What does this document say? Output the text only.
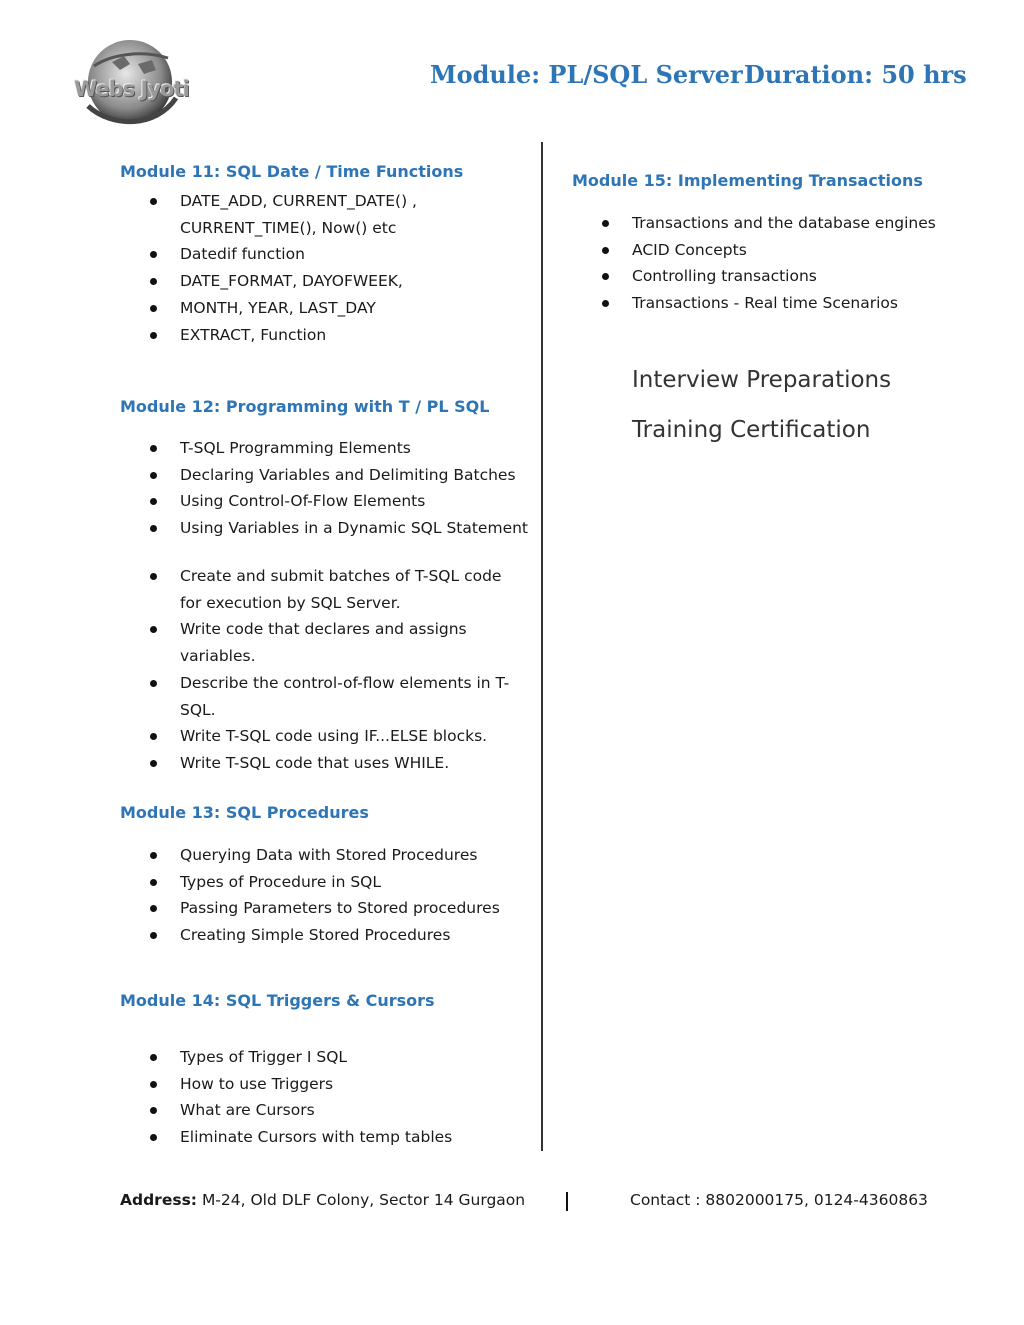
Webs Jyoti	Module: PL/SQL Server Duration: 50 hrs
Module 11: SQL Date / Time Functions
DATE_ADD, CURRENT_DATE() , CURRENT_TIME(), Now() etc
Datedif function
DATE_FORMAT, DAYOFWEEK,
MONTH, YEAR, LAST_DAY
EXTRACT, Function
Module 12: Programming with T / PL SQL
T-SQL Programming Elements
Declaring Variables and Delimiting Batches
Using Control-Of-Flow Elements
Using Variables in a Dynamic SQL Statement
Create and submit batches of T-SQL code for execution by SQL Server.
Write code that declares and assigns variables.
Describe the control-of-flow elements in T-SQL.
Write T-SQL code using IF...ELSE blocks.
Write T-SQL code that uses WHILE.
Module 13: SQL Procedures
Querying Data with Stored Procedures
Types of Procedure in SQL
Passing Parameters to Stored procedures
Creating Simple Stored Procedures
Module 14: SQL Triggers & Cursors
Types of Trigger I SQL
How to use Triggers
What are Cursors
Eliminate Cursors with temp tables
Module 15: Implementing Transactions
Transactions and the database engines
ACID Concepts
Controlling transactions
Transactions - Real time Scenarios
Interview Preparations
Training Certification
Address: M-24, Old DLF Colony, Sector 14 Gurgaon	Contact : 8802000175, 0124-4360863
